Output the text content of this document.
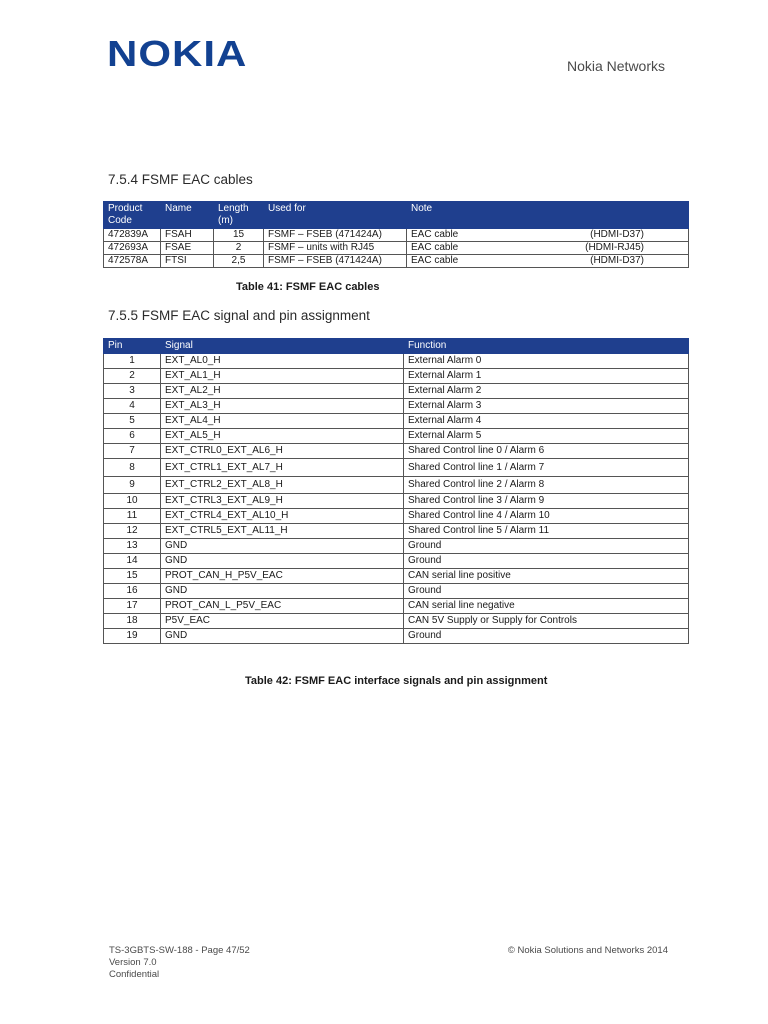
NOKIA	Nokia Networks
7.5.4 FSMF EAC cables
Product Code	Name	Length (m)	Used for	Note
472839A	FSAH	15	FSMF – FSEB (471424A)	EAC cable (HDMI-D37)

472693A	FSAE	2	FSMF – units with RJ45	EAC cable (HDMI-RJ45)

472578A	FTSI	2,5	FSMF – FSEB (471424A)	EAC cable (HDMI-D37)
Table 41: FSMF EAC cables
7.5.5 FSMF EAC signal and pin assignment
Pin	Signal	Function
1	EXT_AL0_H	External Alarm 0
2	EXT_AL1_H	External Alarm 1
3	EXT_AL2_H	External Alarm 2
4	EXT_AL3_H	External Alarm 3
5	EXT_AL4_H	External Alarm 4
6	EXT_AL5_H	External Alarm 5
7	EXT_CTRL0_EXT_AL6_H	Shared Control line 0 / Alarm 6
8	EXT_CTRL1_EXT_AL7_H	Shared Control line 1 / Alarm 7
9	EXT_CTRL2_EXT_AL8_H	Shared Control line 2 / Alarm 8
10	EXT_CTRL3_EXT_AL9_H	Shared Control line 3 / Alarm 9
11	EXT_CTRL4_EXT_AL10_H	Shared Control line 4 / Alarm 10
12	EXT_CTRL5_EXT_AL11_H	Shared Control line 5 / Alarm 11
13	GND	Ground
14	GND	Ground
15	PROT_CAN_H_P5V_EAC	CAN serial line positive
16	GND	Ground
17	PROT_CAN_L_P5V_EAC	CAN serial line negative
18	P5V_EAC	CAN 5V Supply or Supply for Controls
19	GND	Ground
Table 42: FSMF EAC interface signals and pin assignment
TS-3GBTS-SW-188 - Page 47/52
Version 7.0
Confidential
© Nokia Solutions and Networks 2014
